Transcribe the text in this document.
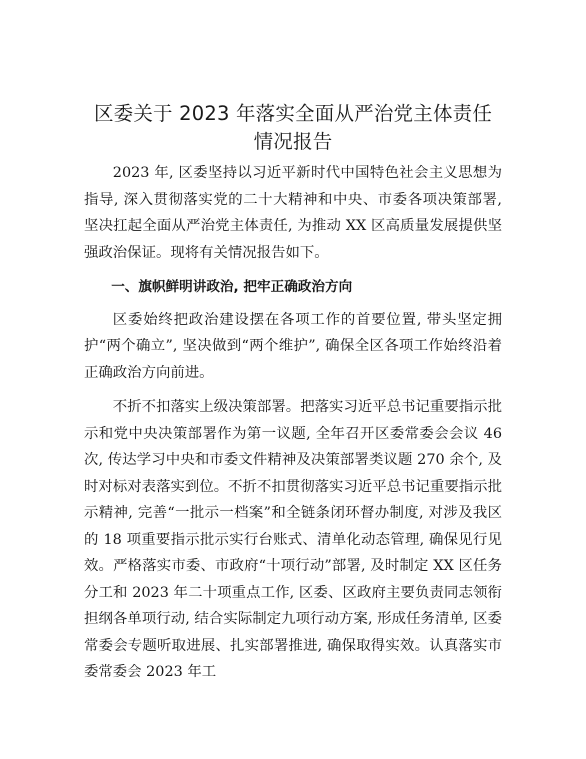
区委关于 2023 年落实全面从严治党主体责任情况报告

2023 年, 区委坚持以习近平新时代中国特色社会主义思想为指导, 深入贯彻落实党的二十大精神和中央、市委各项决策部署, 坚决扛起全面从严治党主体责任, 为推动 XX 区高质量发展提供坚强政治保证。现将有关情况报告如下。

一、旗帜鲜明讲政治, 把牢正确政治方向

区委始终把政治建设摆在各项工作的首要位置, 带头坚定拥护“两个确立”, 坚决做到“两个维护”, 确保全区各项工作始终沿着正确政治方向前进。

不折不扣落实上级决策部署。把落实习近平总书记重要指示批示和党中央决策部署作为第一议题, 全年召开区委常委会会议 46 次, 传达学习中央和市委文件精神及决策部署类议题 270 余个, 及时对标对表落实到位。不折不扣贯彻落实习近平总书记重要指示批示精神, 完善“一批示一档案”和全链条闭环督办制度, 对涉及我区的 18 项重要指示批示实行台账式、清单化动态管理, 确保见行见效。严格落实市委、市政府“十项行动”部署, 及时制定 XX 区任务分工和 2023 年二十项重点工作, 区委、区政府主要负责同志领衔担纲各单项行动, 结合实际制定九项行动方案, 形成任务清单, 区委常委会专题听取进展、扎实部署推进, 确保取得实效。认真落实市委常委会 2023 年工
